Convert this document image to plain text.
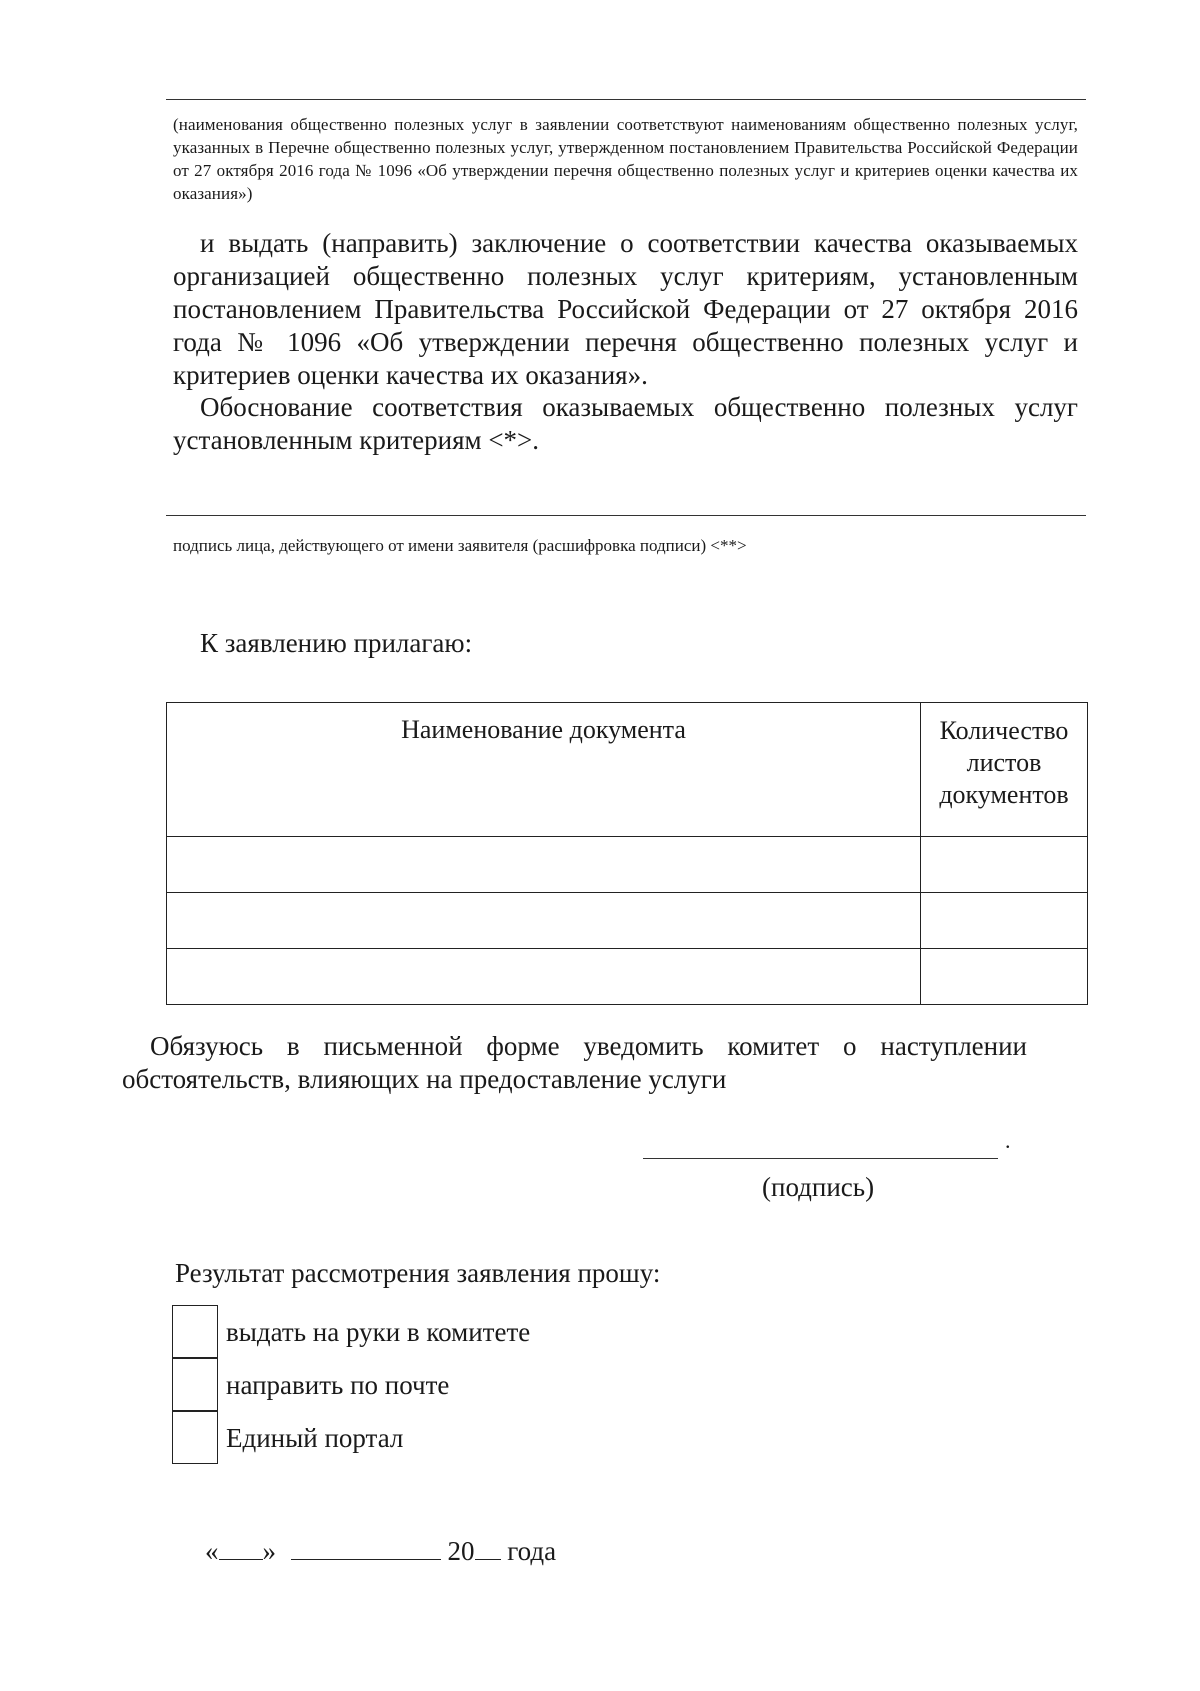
(наименования общественно полезных услуг в заявлении соответствуют наименованиям общественно полезных услуг, указанных в Перечне общественно полезных услуг, утвержденном постановлением Правительства Российской Федерации от 27 октября 2016 года № 1096 «Об утверждении перечня общественно полезных услуг и критериев оценки качества их оказания»)
и выдать (направить) заключение о соответствии качества оказываемых организацией общественно полезных услуг критериям, установленным постановлением Правительства Российской Федерации от 27 октября 2016 года № 1096 «Об утверждении перечня общественно полезных услуг и критериев оценки качества их оказания».
Обоснование соответствия оказываемых общественно полезных услуг установленным критериям <*>.
подпись лица, действующего от имени заявителя (расшифровка подписи) <**>
К заявлению прилагаю:
Наименование документа	Количество листов документов

Обязуюсь в письменной форме уведомить комитет о наступлении
обстоятельств, влияющих на предоставление услуги
.
(подпись)
Результат рассмотрения заявления прошу:
выдать на руки в комитете
направить по почте
Единый портал
« »	20 года
